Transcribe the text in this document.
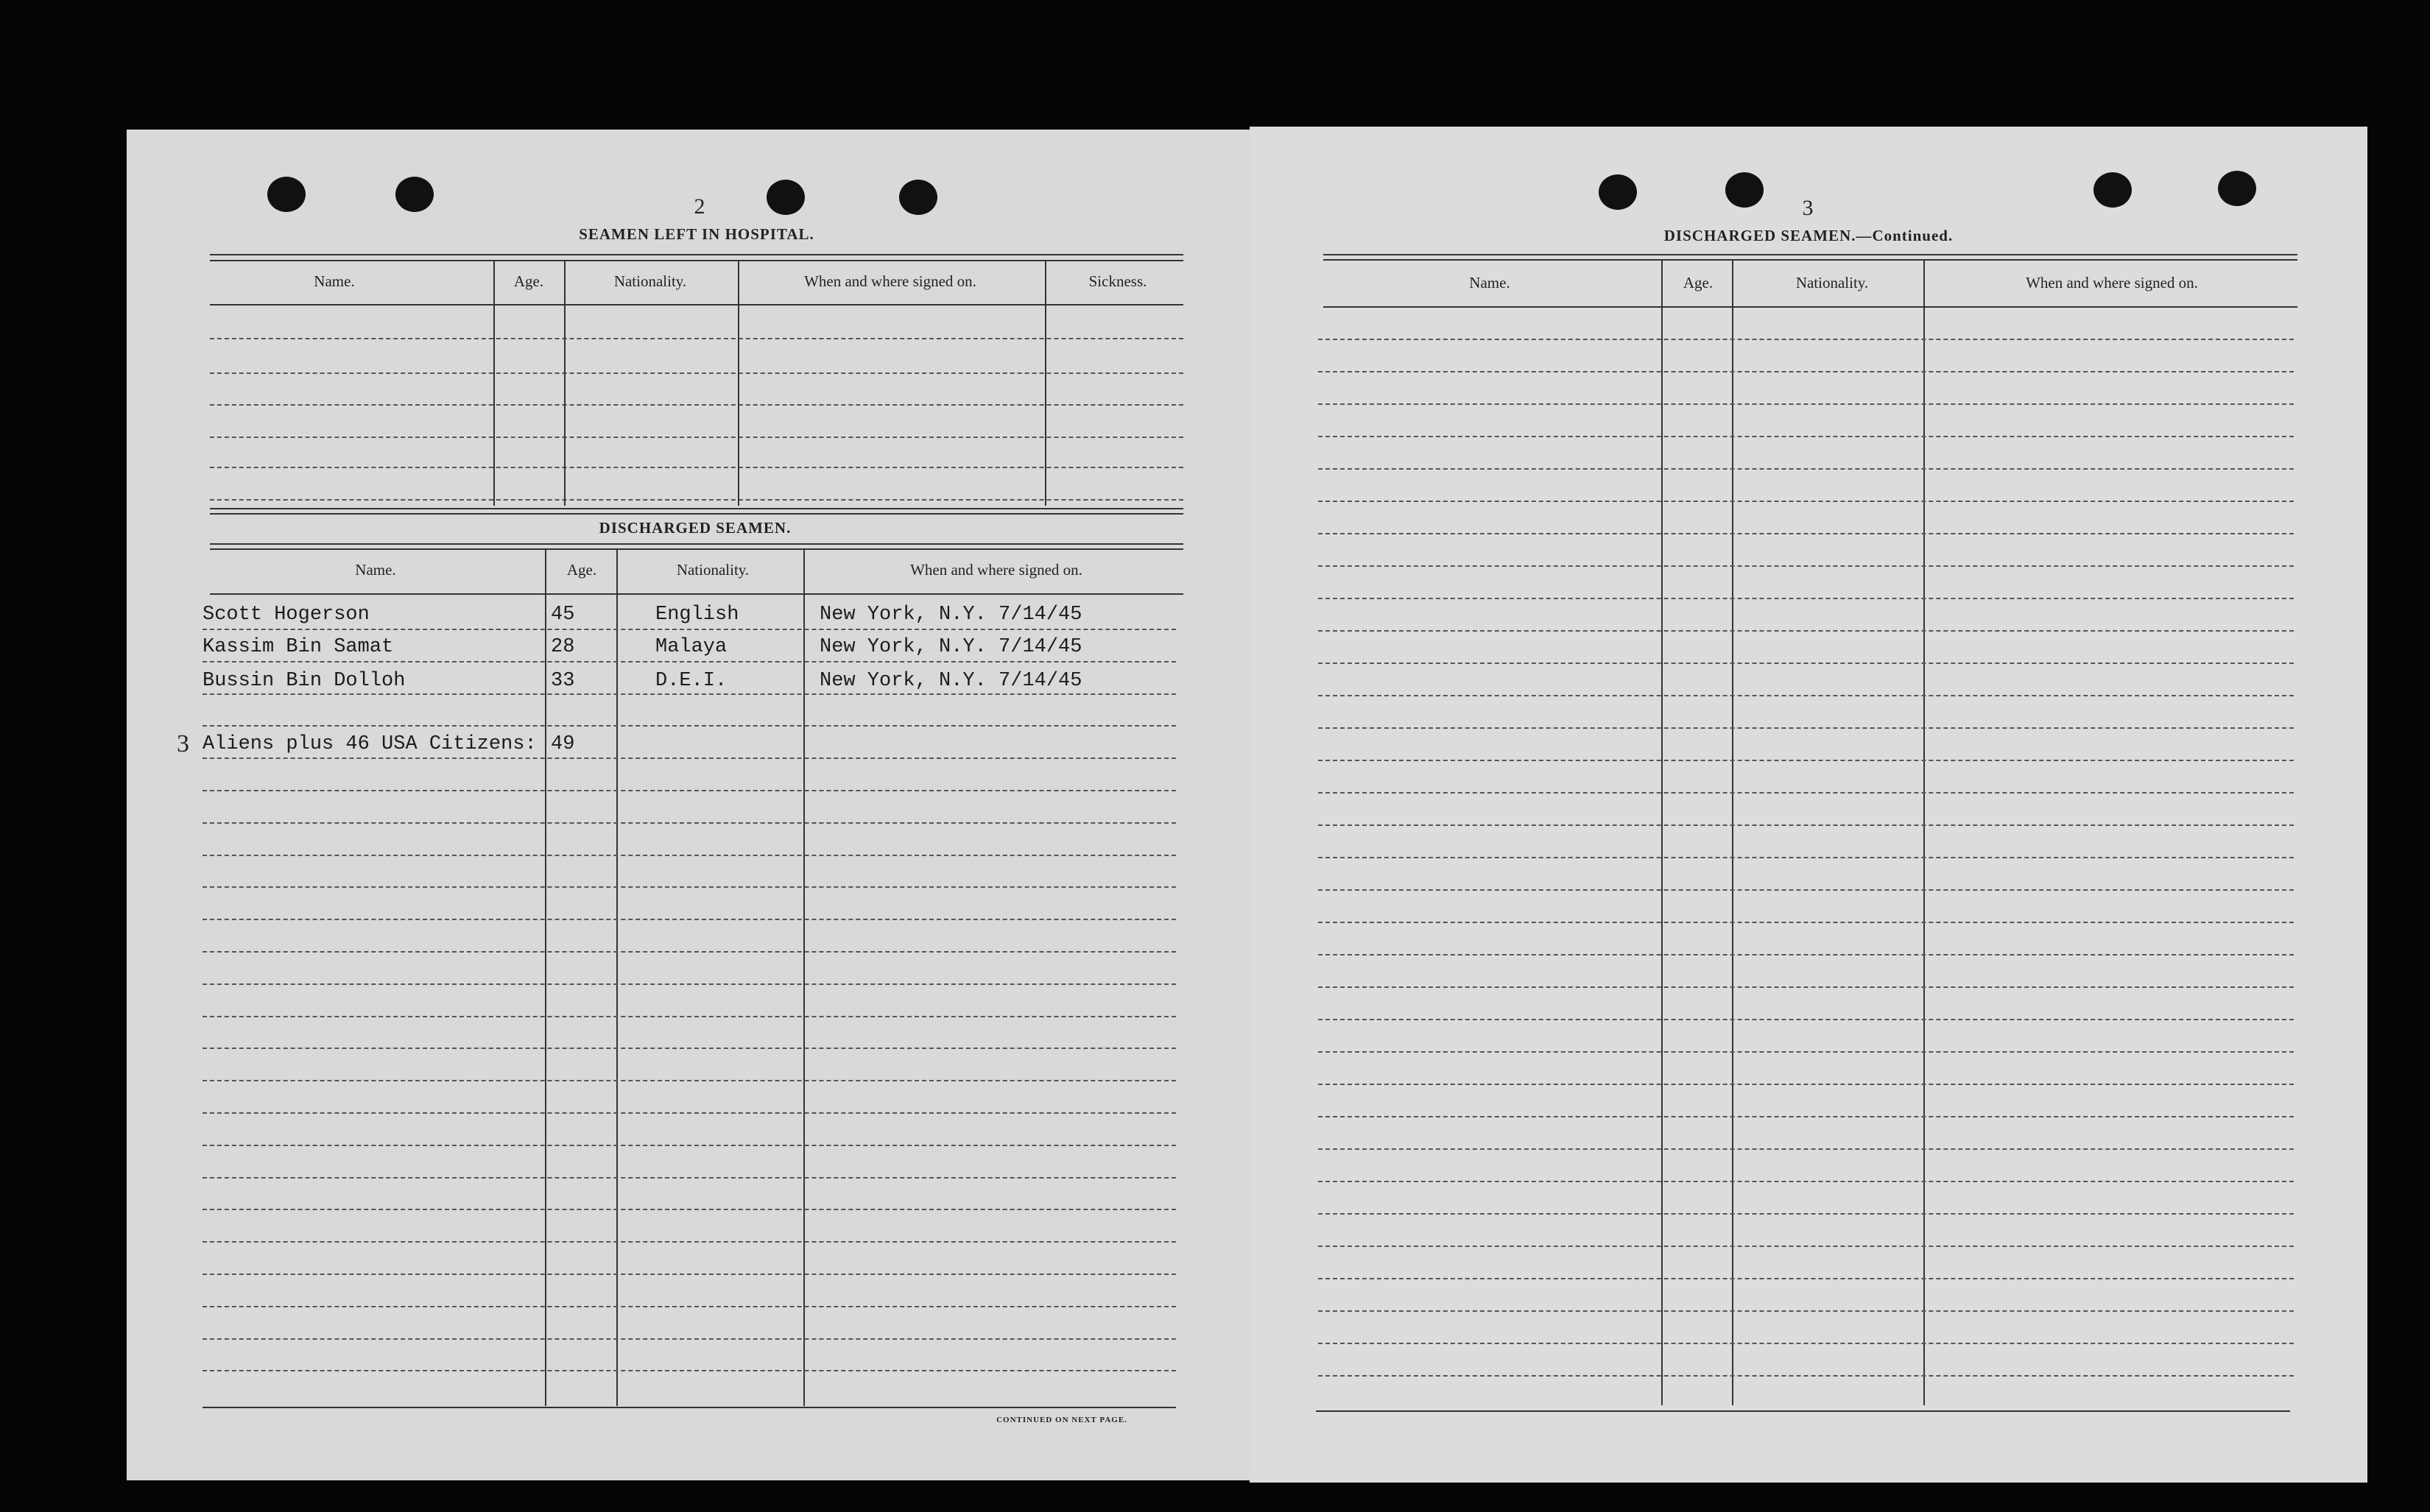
2
SEAMEN LEFT IN HOSPITAL.
Name.	Age.	Nationality.	When and where signed on.	Sickness.
DISCHARGED SEAMEN.
Name.	Age.	Nationality.	When and where signed on.
Scott Hogerson	45	English	New York, N.Y. 7/14/45
Kassim Bin Samat	28	Malaya	New York, N.Y. 7/14/45
Bussin Bin Dolloh	33	D.E.I.	New York, N.Y. 7/14/45
3 Aliens plus 46 USA Citizens: 49
CONTINUED ON NEXT PAGE.
3
DISCHARGED SEAMEN.—Continued.
Name.	Age.	Nationality.	When and where signed on.
